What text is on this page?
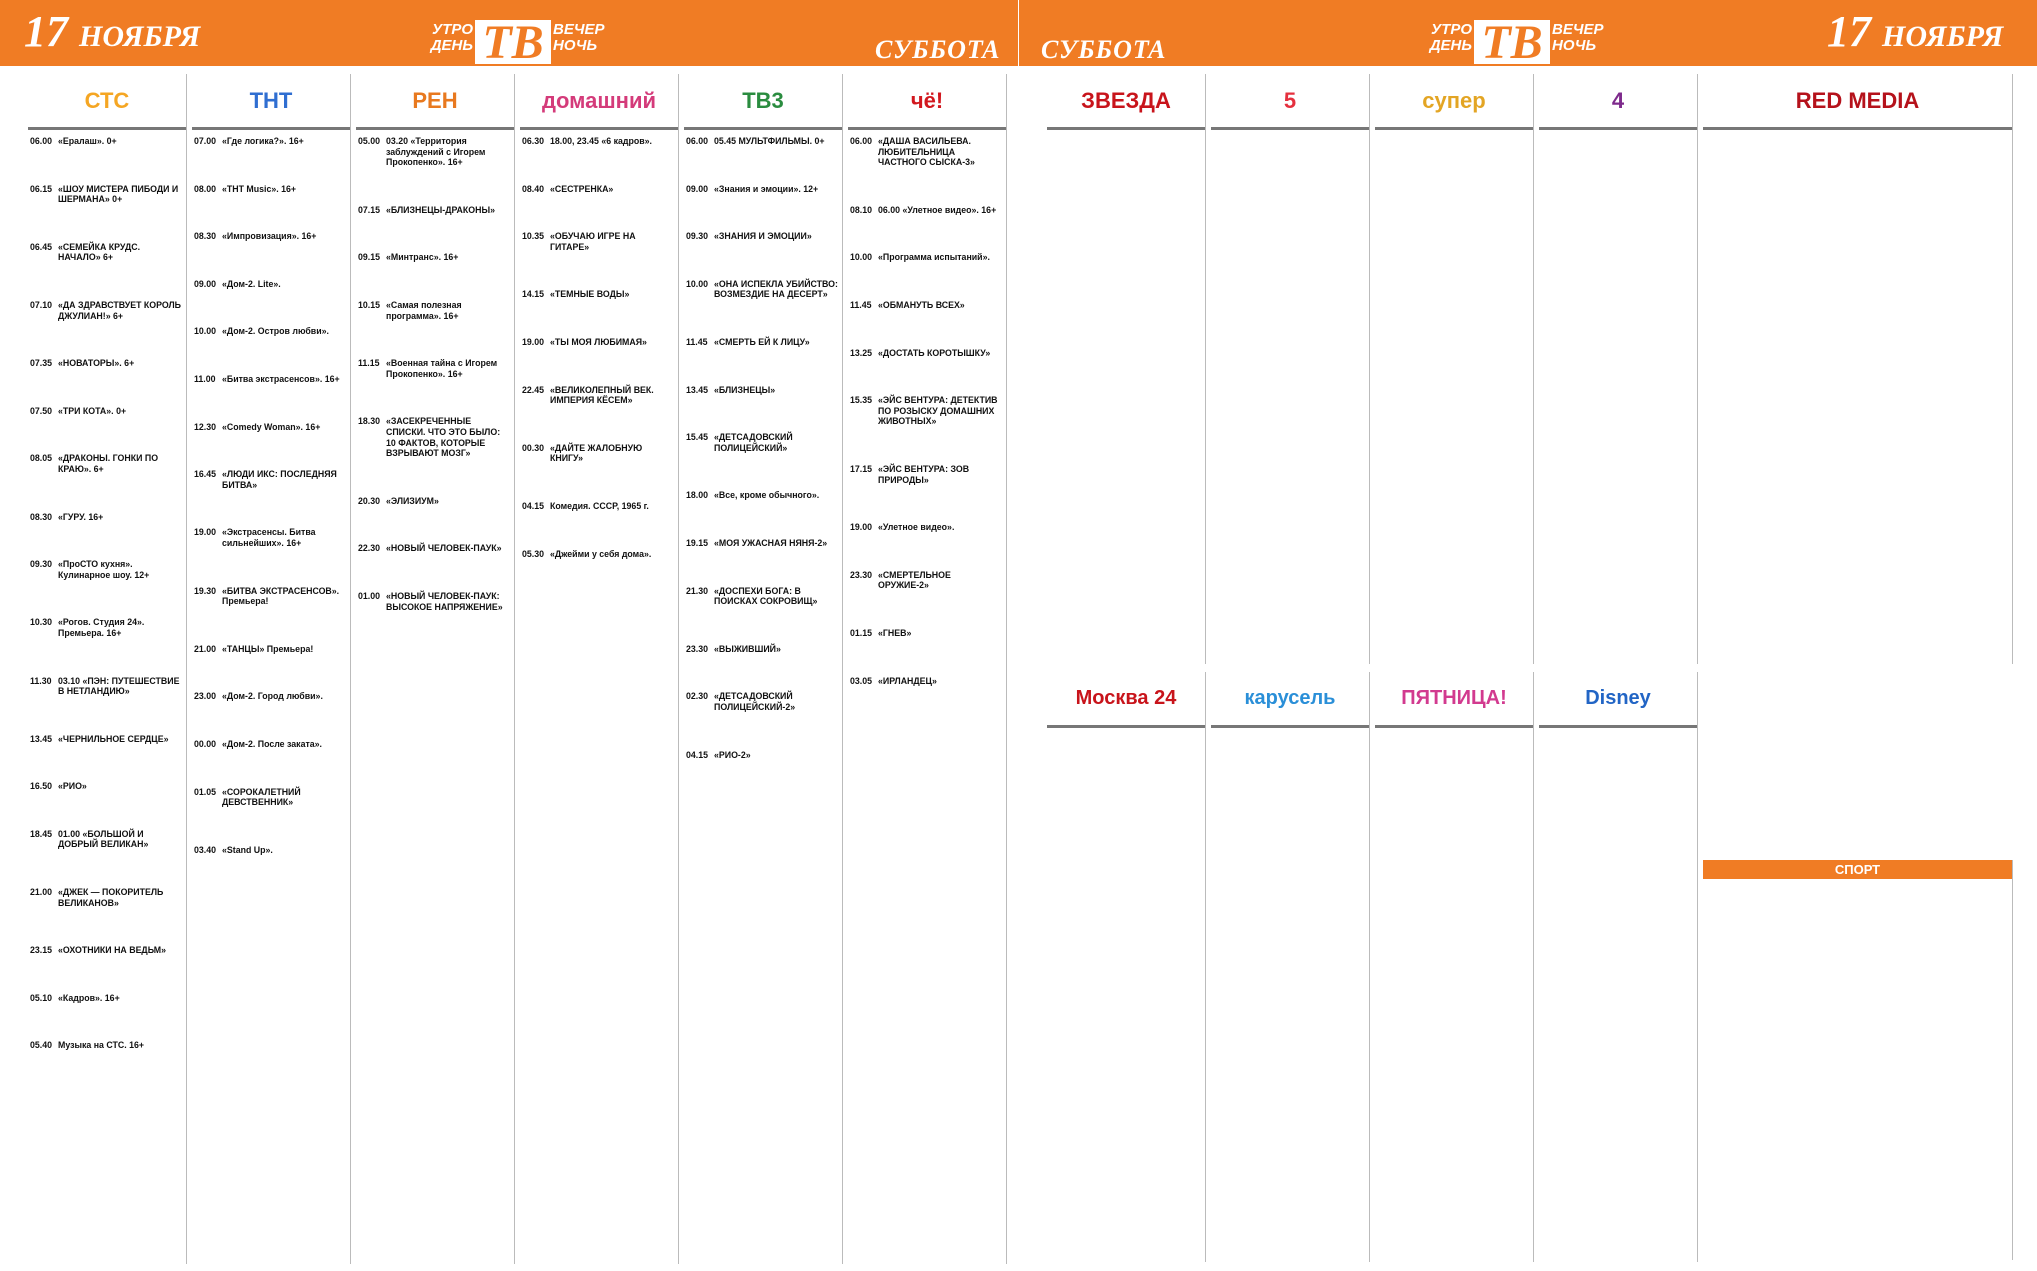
17 НОЯБРЯ	УТРО
ДЕНЬ ТВ ВЕЧЕР
НОЧЬ	СУББОТА
СТС
06.00 «Ералаш». 0+
06.15 «ШОУ МИСТЕРА ПИБОДИ И ШЕРМАНА» 0+
06.45 «СЕМЕЙКА КРУДС. НАЧАЛО» 6+
07.10 «ДА ЗДРАВСТВУЕТ КОРОЛЬ ДЖУЛИАН!» 6+
07.35 «НОВАТОРЫ». 6+
07.50 «ТРИ КОТА». 0+
08.05 «ДРАКОНЫ. ГОНКИ ПО КРАЮ». 6+
08.30 «ГУРУ. 16+
09.30 «ПроСТО кухня». Кулинарное шоу. 12+
10.30 «Рогов. Студия 24». Премьера. 16+
11.30 03.10 «ПЭН: ПУТЕШЕСТВИЕ В НЕТЛАНДИЮ»
13.45 «ЧЕРНИЛЬНОЕ СЕРДЦЕ»
16.50 «РИО»
18.45 01.00 «БОЛЬШОЙ И ДОБРЫЙ ВЕЛИКАН»
21.00 «ДЖЕК — ПОКОРИТЕЛЬ ВЕЛИКАНОВ»
23.15 «ОХОТНИКИ НА ВЕДЬМ»
05.10 «Кадров». 16+
05.40 Музыка на СТС. 16+
ТНТ
07.00 «Где логика?». 16+
08.00 «ТНТ Music». 16+
08.30 «Импровизация». 16+
09.00 «Дом-2. Lite».
10.00 «Дом-2. Остров любви».
11.00 «Битва экстрасенсов». 16+
12.30 «Comedy Woman». 16+
16.45 «ЛЮДИ ИКС: ПОСЛЕДНЯЯ БИТВА»
19.00 «Экстрасенсы. Битва сильнейших». 16+
19.30 «БИТВА ЭКСТРАСЕНСОВ». Премьера!
21.00 «ТАНЦЫ» Премьера!
23.00 «Дом-2. Город любви».
00.00 «Дом-2. После заката».
01.05 «СОРОКАЛЕТНИЙ ДЕВСТВЕННИК»
03.40 «Stand Up».
РЕН
05.00 03.20 «Территория заблуждений с Игорем Прокопенко». 16+
07.15 «БЛИЗНЕЦЫ-ДРАКОНЫ»
09.15 «Минтранс». 16+
10.15 «Самая полезная программа». 16+
11.15 «Военная тайна с Игорем Прокопенко». 16+
18.30 «ЗАСЕКРЕЧЕННЫЕ СПИСКИ. ЧТО ЭТО БЫЛО: 10 ФАКТОВ, КОТОРЫЕ ВЗРЫВАЮТ МОЗГ»
20.30 «ЭЛИЗИУМ»
22.30 «НОВЫЙ ЧЕЛОВЕК-ПАУК»
01.00 «НОВЫЙ ЧЕЛОВЕК-ПАУК: ВЫСОКОЕ НАПРЯЖЕНИЕ»
домашний
06.30 18.00, 23.45 «6 кадров».
08.40 «СЕСТРЕНКА»
10.35 «ОБУЧАЮ ИГРЕ НА ГИТАРЕ»
14.15 «ТЕМНЫЕ ВОДЫ»
19.00 «ТЫ МОЯ ЛЮБИМАЯ»
22.45 «ВЕЛИКОЛЕПНЫЙ ВЕК. ИМПЕРИЯ КЁСЕМ»
00.30 «ДАЙТЕ ЖАЛОБНУЮ КНИГУ»
04.15 Комедия. СССР, 1965 г.
05.30 «Джейми у себя дома».
ТВ3
06.00 05.45 МУЛЬТФИЛЬМЫ. 0+
09.00 «Знания и эмоции». 12+
09.30 «ЗНАНИЯ И ЭМОЦИИ»
10.00 «ОНА ИСПЕКЛА УБИЙСТВО: ВОЗМЕЗДИЕ НА ДЕСЕРТ»
11.45 «СМЕРТЬ ЕЙ К ЛИЦУ»
13.45 «БЛИЗНЕЦЫ»
15.45 «ДЕТСАДОВСКИЙ ПОЛИЦЕЙСКИЙ»
18.00 «Все, кроме обычного».
19.15 «МОЯ УЖАСНАЯ НЯНЯ-2»
21.30 «ДОСПЕХИ БОГА: В ПОИСКАХ СОКРОВИЩ»
23.30 «ВЫЖИВШИЙ»
02.30 «ДЕТСАДОВСКИЙ ПОЛИЦЕЙСКИЙ-2»
04.15 «РИО-2»
чё!
06.00 «ДАША ВАСИЛЬЕВА. ЛЮБИТЕЛЬНИЦА ЧАСТНОГО СЫСКА-3»
08.10 06.00 «Улетное видео». 16+
10.00 «Программа испытаний».
11.45 «ОБМАНУТЬ ВСЕХ»
13.25 «ДОСТАТЬ КОРОТЫШКУ»
15.35 «ЭЙС ВЕНТУРА: ДЕТЕКТИВ ПО РОЗЫСКУ ДОМАШНИХ ЖИВОТНЫХ»
17.15 «ЭЙС ВЕНТУРА: ЗОВ ПРИРОДЫ»
19.00 «Улетное видео».
23.30 «СМЕРТЕЛЬНОЕ ОРУЖИЕ-2»
01.15 «ГНЕВ»
03.05 «ИРЛАНДЕЦ»
СУББОТА
УТРО
ДЕНЬ ТВ ВЕЧЕР
НОЧЬ	17 НОЯБРЯ
ЗВЕЗДА	5	супер	4	RED MEDIA
Москва 24	карусель	ПЯТНИЦА!	Disney
СПОРТ
